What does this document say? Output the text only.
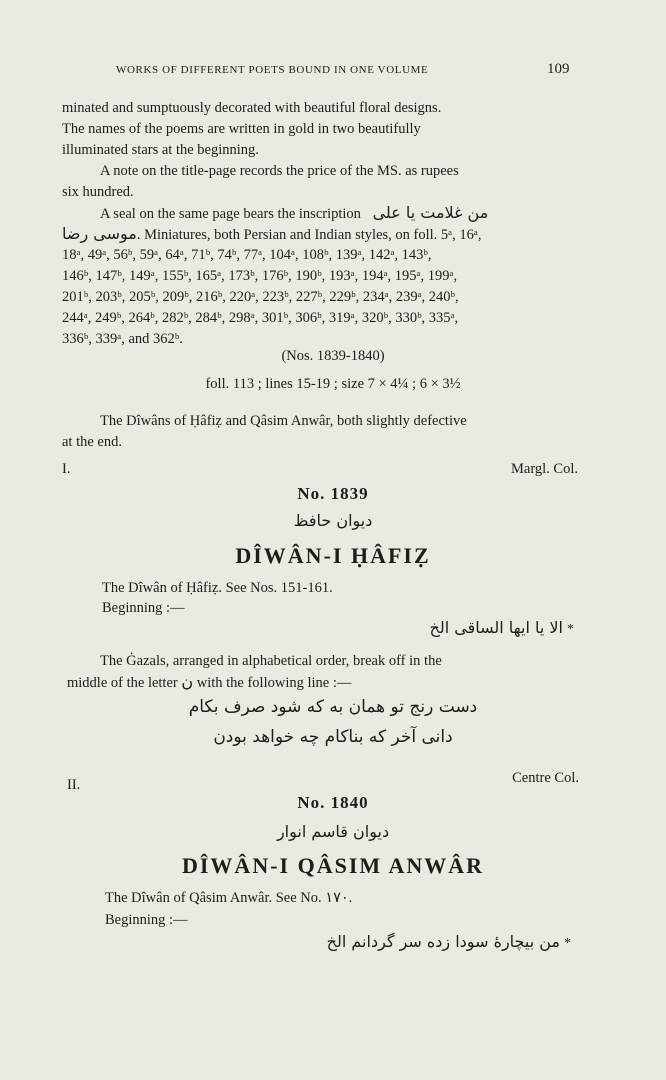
WORKS OF DIFFERENT POETS BOUND IN ONE VOLUME	109
minated and sumptuously decorated with beautiful floral designs.
The names of the poems are written in gold in two beautifully
illuminated stars at the beginning.
A note on the title-page records the price of the MS. as rupees
six hundred.
A seal on the same page bears the inscription من غلامت یا علی
موسی رضا. Miniatures, both Persian and Indian styles, on foll. 5ᵃ, 16ᵃ,
18ᵃ, 49ᵃ, 56ᵇ, 59ᵃ, 64ᵃ, 71ᵇ, 74ᵇ, 77ᵃ, 104ᵃ, 108ᵇ, 139ᵃ, 142ᵃ, 143ᵇ,
146ᵇ, 147ᵇ, 149ᵃ, 155ᵇ, 165ᵃ, 173ᵇ, 176ᵇ, 190ᵇ, 193ᵃ, 194ᵃ, 195ᵃ, 199ᵃ,
201ᵇ, 203ᵇ, 205ᵇ, 209ᵇ, 216ᵇ, 220ᵃ, 223ᵇ, 227ᵇ, 229ᵇ, 234ᵃ, 239ᵃ, 240ᵇ,
244ᵃ, 249ᵇ, 264ᵇ, 282ᵇ, 284ᵇ, 298ᵃ, 301ᵇ, 306ᵇ, 319ᵃ, 320ᵇ, 330ᵇ, 335ᵃ,
336ᵇ, 339ᵃ, and 362ᵇ.
(Nos. 1839-1840)
foll. 113 ; lines 15-19 ; size 7 × 4¼ ; 6 × 3½
The Dîwâns of Ḥâfiẓ and Qâsim Anwâr, both slightly defective
at the end.
I.	Margl. Col.
No. 1839
دیوان حافظ
DÎWÂN-I ḤÂFIẒ
The Dîwân of Ḥâfiẓ. See Nos. 151-161.
Beginning :—
الا یا ایها الساقی الخ *
The Ġazals, arranged in alphabetical order, break off in the
middle of the letter ن with the following line :—
دست رنج تو همان به که شود صرف بکام
دانی آخر که بناکام چه خواهد بودن
II.	Centre Col.
No. 1840
دیوان قاسم انوار
DÎWÂN-I QÂSIM ANWÂR
The Dîwân of Qâsim Anwâr. See No. ۱۷۰.
Beginning :—
من بیچارهٔ سودا زده سر گردانم الخ *
